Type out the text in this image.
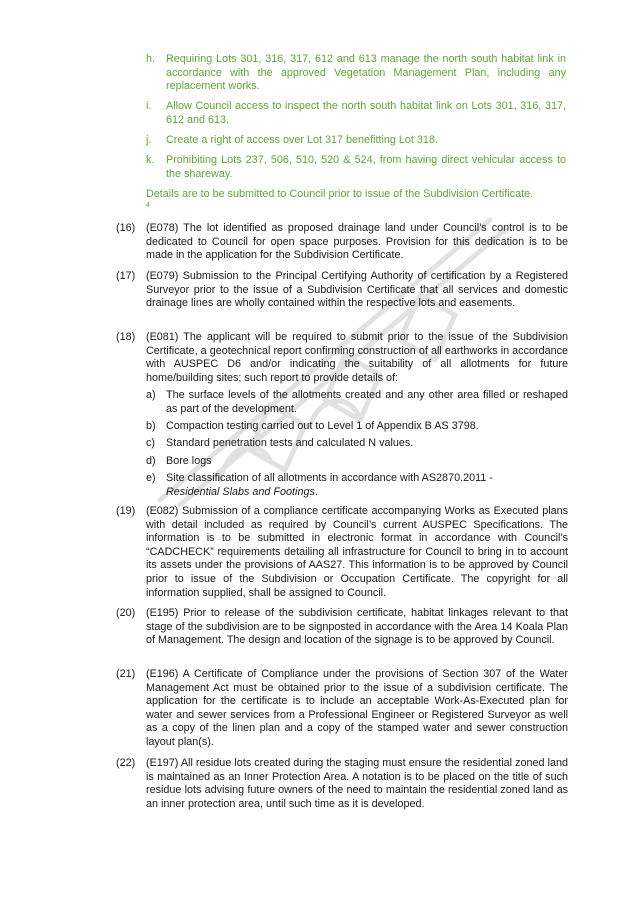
h. Requiring Lots 301, 316, 317, 612 and 613 manage the north south habitat link in accordance with the approved Vegetation Management Plan, including any replacement works.
i. Allow Council access to inspect the north south habitat link on Lots 301, 316, 317, 612 and 613.
j. Create a right of access over Lot 317 benefitting Lot 318.
k. Prohibiting Lots 237, 506, 510, 520 & 524, from having direct vehicular access to the shareway.
Details are to be submitted to Council prior to issue of the Subdivision Certificate.
4
(16) (E078) The lot identified as proposed drainage land under Council’s control is to be dedicated to Council for open space purposes. Provision for this dedication is to be made in the application for the Subdivision Certificate.
(17) (E079) Submission to the Principal Certifying Authority of certification by a Registered Surveyor prior to the issue of a Subdivision Certificate that all services and domestic drainage lines are wholly contained within the respective lots and easements.
(18) (E081) The applicant will be required to submit prior to the issue of the Subdivision Certificate, a geotechnical report confirming construction of all earthworks in accordance with AUSPEC D6 and/or indicating the suitability of all allotments for future home/building sites; such report to provide details of:
a) The surface levels of the allotments created and any other area filled or reshaped as part of the development.
b) Compaction testing carried out to Level 1 of Appendix B AS 3798.
c) Standard penetration tests and calculated N values.
d) Bore logs
e) Site classification of all allotments in accordance with AS2870.2011 -
Residential Slabs and Footings.
(19) (E082) Submission of a compliance certificate accompanying Works as Executed plans with detail included as required by Council’s current AUSPEC Specifications. The information is to be submitted in electronic format in accordance with Council’s “CADCHECK” requirements detailing all infrastructure for Council to bring in to account its assets under the provisions of AAS27. This information is to be approved by Council prior to issue of the Subdivision or Occupation Certificate. The copyright for all information supplied, shall be assigned to Council.
(20) (E195) Prior to release of the subdivision certificate, habitat linkages relevant to that stage of the subdivision are to be signposted in accordance with the Area 14 Koala Plan of Management. The design and location of the signage is to be approved by Council.
(21) (E196) A Certificate of Compliance under the provisions of Section 307 of the Water Management Act must be obtained prior to the issue of a subdivision certificate. The application for the certificate is to include an acceptable Work-As-Executed plan for water and sewer services from a Professional Engineer or Registered Surveyor as well as a copy of the linen plan and a copy of the stamped water and sewer construction layout plan(s).
(22) (E197) All residue lots created during the staging must ensure the residential zoned land is maintained as an Inner Protection Area. A notation is to be placed on the title of such residue lots advising future owners of the need to maintain the residential zoned land as an inner protection area, until such time as it is developed.
